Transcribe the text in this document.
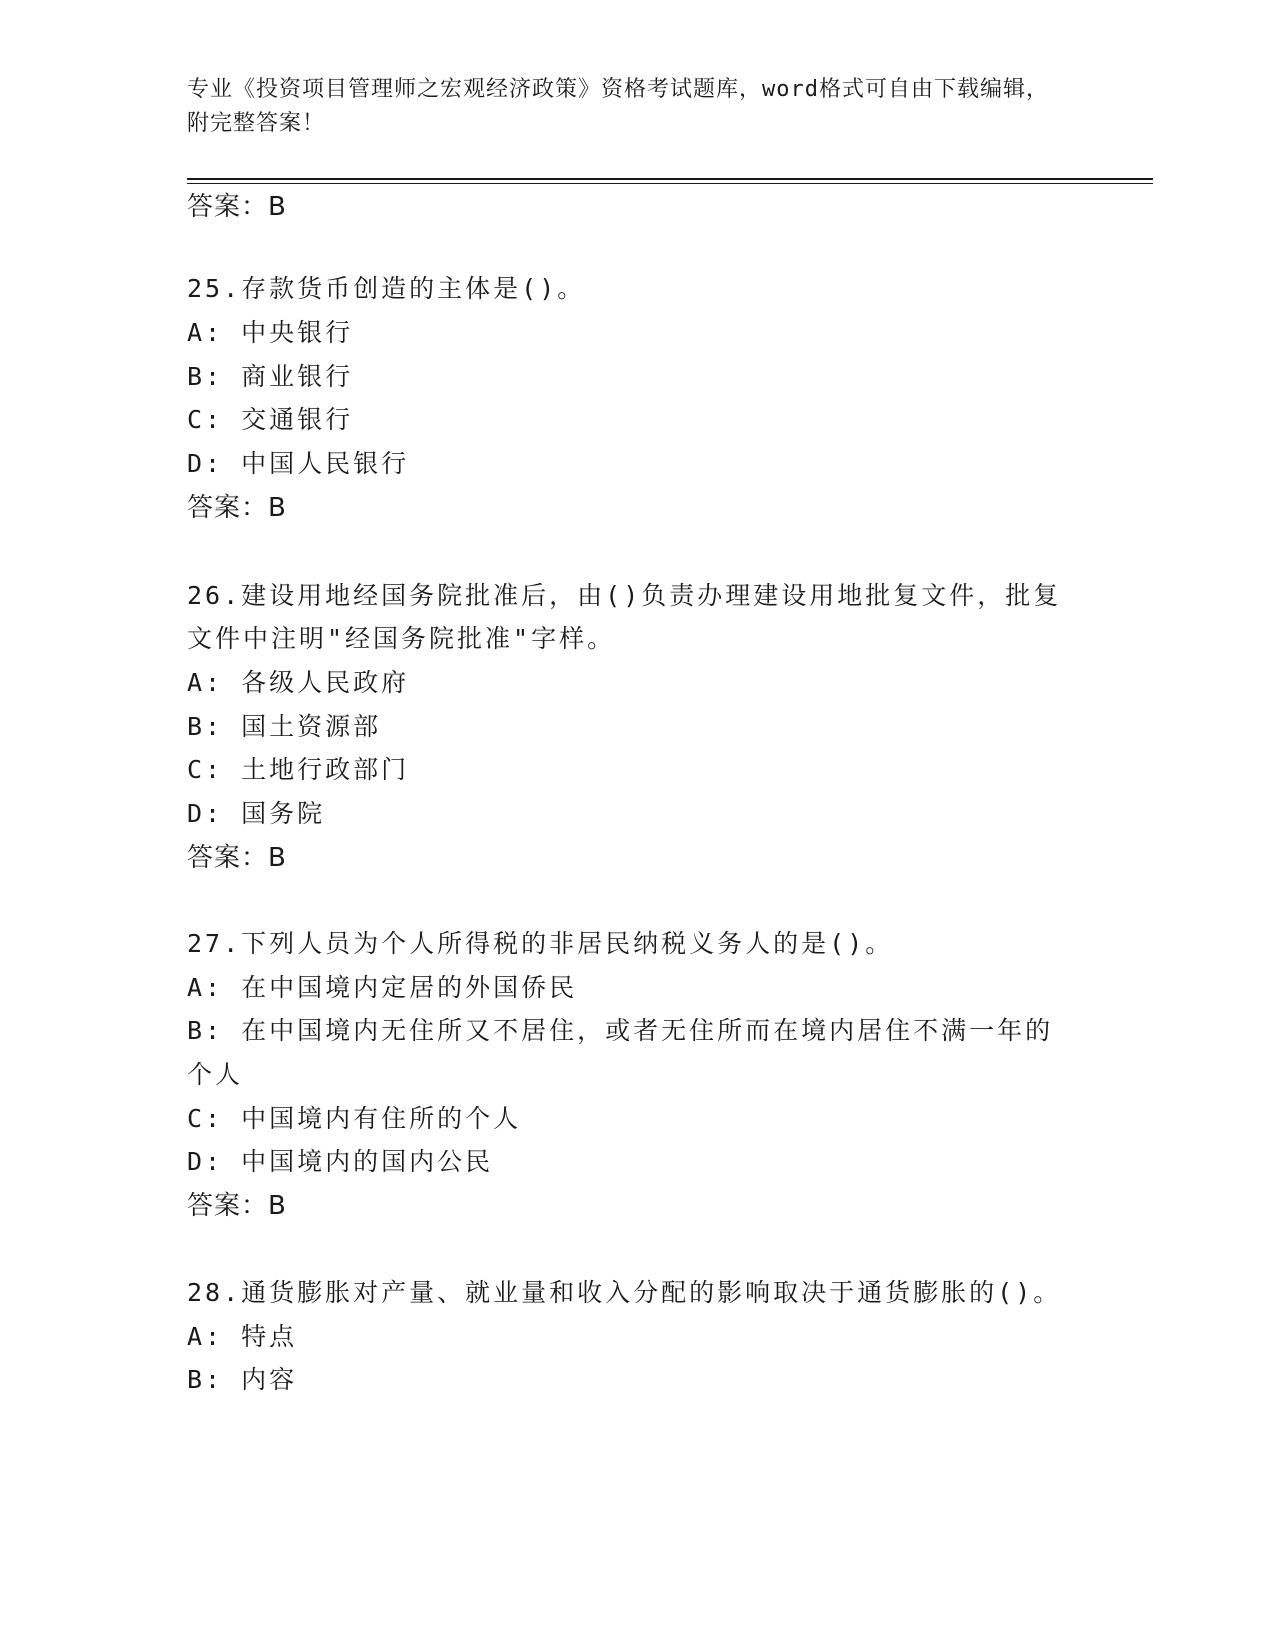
专业《投资项目管理师之宏观经济政策》资格考试题库，word格式可自由下载编辑，附完整答案！
答案：B
25.存款货币创造的主体是()。
A: 中央银行
B: 商业银行
C: 交通银行
D: 中国人民银行
答案：B
26.建设用地经国务院批准后，由()负责办理建设用地批复文件，批复
文件中注明"经国务院批准"字样。
A: 各级人民政府
B: 国土资源部
C: 土地行政部门
D: 国务院
答案：B
27.下列人员为个人所得税的非居民纳税义务人的是()。
A: 在中国境内定居的外国侨民
B: 在中国境内无住所又不居住，或者无住所而在境内居住不满一年的
个人
C: 中国境内有住所的个人
D: 中国境内的国内公民
答案：B
28.通货膨胀对产量、就业量和收入分配的影响取决于通货膨胀的()。
A: 特点
B: 内容
